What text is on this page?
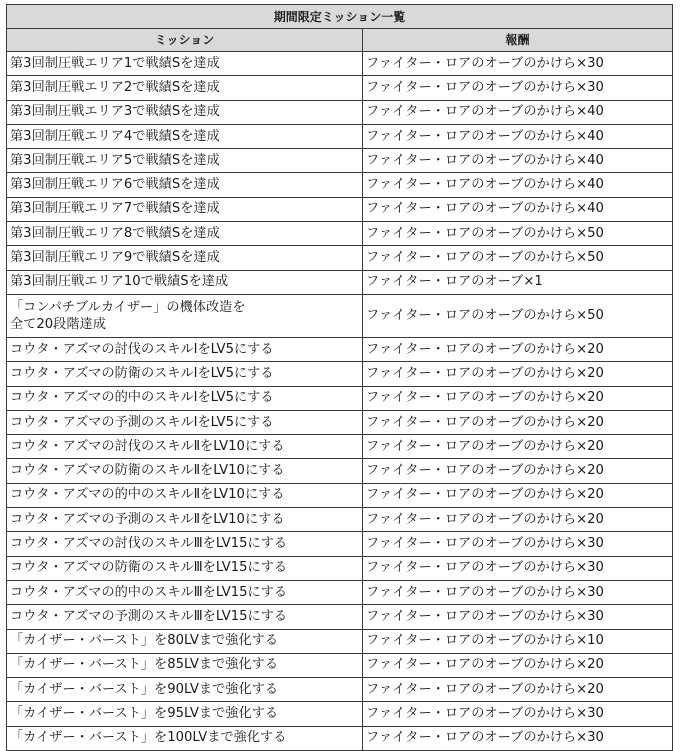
期間限定ミッション一覧	
ミッション	報酬
第3回制圧戦エリア1で戦績Sを達成	ファイター・ロアのオーブのかけら×30
第3回制圧戦エリア2で戦績Sを達成	ファイター・ロアのオーブのかけら×30
第3回制圧戦エリア3で戦績Sを達成	ファイター・ロアのオーブのかけら×40
第3回制圧戦エリア4で戦績Sを達成	ファイター・ロアのオーブのかけら×40
第3回制圧戦エリア5で戦績Sを達成	ファイター・ロアのオーブのかけら×40
第3回制圧戦エリア6で戦績Sを達成	ファイター・ロアのオーブのかけら×40
第3回制圧戦エリア7で戦績Sを達成	ファイター・ロアのオーブのかけら×40
第3回制圧戦エリア8で戦績Sを達成	ファイター・ロアのオーブのかけら×50
第3回制圧戦エリア9で戦績Sを達成	ファイター・ロアのオーブのかけら×50
第3回制圧戦エリア10で戦績Sを達成	ファイター・ロアのオーブ×1
「コンパチブルカイザー」の機体改造を
全て20段階達成	ファイター・ロアのオーブのかけら×50
コウタ・アズマの討伐のスキルⅠをLV5にする	ファイター・ロアのオーブのかけら×20
コウタ・アズマの防衛のスキルⅠをLV5にする	ファイター・ロアのオーブのかけら×20
コウタ・アズマの的中のスキルⅠをLV5にする	ファイター・ロアのオーブのかけら×20
コウタ・アズマの予測のスキルⅠをLV5にする	ファイター・ロアのオーブのかけら×20
コウタ・アズマの討伐のスキルⅡをLV10にする	ファイター・ロアのオーブのかけら×20
コウタ・アズマの防衛のスキルⅡをLV10にする	ファイター・ロアのオーブのかけら×20
コウタ・アズマの的中のスキルⅡをLV10にする	ファイター・ロアのオーブのかけら×20
コウタ・アズマの予測のスキルⅡをLV10にする	ファイター・ロアのオーブのかけら×20
コウタ・アズマの討伐のスキルⅢをLV15にする	ファイター・ロアのオーブのかけら×30
コウタ・アズマの防衛のスキルⅢをLV15にする	ファイター・ロアのオーブのかけら×30
コウタ・アズマの的中のスキルⅢをLV15にする	ファイター・ロアのオーブのかけら×30
コウタ・アズマの予測のスキルⅢをLV15にする	ファイター・ロアのオーブのかけら×30
「カイザー・バースト」を80LVまで強化する	ファイター・ロアのオーブのかけら×10
「カイザー・バースト」を85LVまで強化する	ファイター・ロアのオーブのかけら×20
「カイザー・バースト」を90LVまで強化する	ファイター・ロアのオーブのかけら×20
「カイザー・バースト」を95LVまで強化する	ファイター・ロアのオーブのかけら×30
「カイザー・バースト」を100LVまで強化する	ファイター・ロアのオーブのかけら×30
